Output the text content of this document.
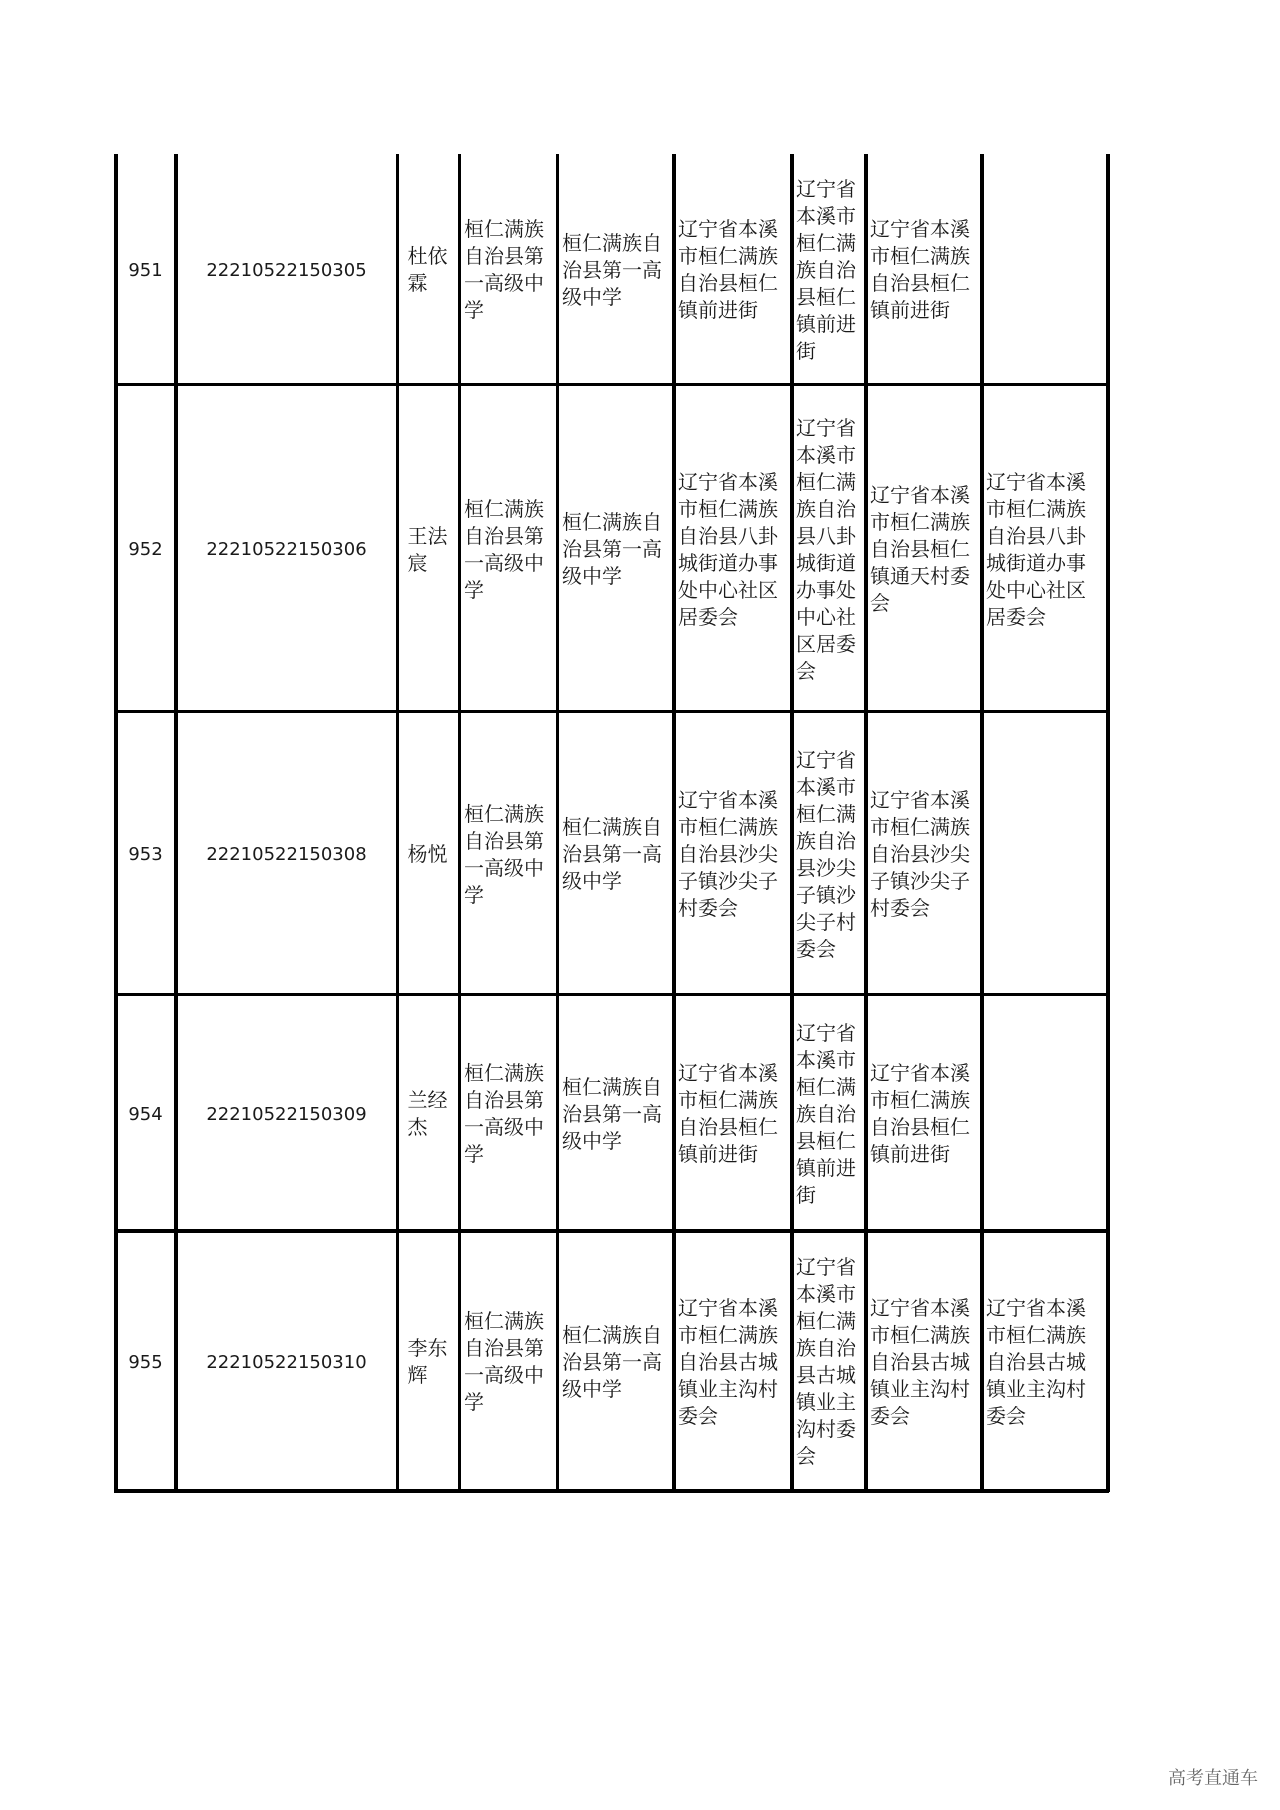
951 22210522150305
杜依霖
桓仁满族自治县第一高级中学
桓仁满族自治县第一高级中学
辽宁省本溪市桓仁满族自治县桓仁镇前进街
辽宁省本溪市桓仁满族自治县桓仁镇前进街
辽宁省本溪市桓仁满族自治县桓仁镇前进街
952 22210522150306
王法宸
桓仁满族自治县第一高级中学
桓仁满族自治县第一高级中学
辽宁省本溪市桓仁满族自治县八卦城街道办事处中心社区居委会
辽宁省本溪市桓仁满族自治县八卦城街道办事处中心社区居委会
辽宁省本溪市桓仁满族自治县桓仁镇通天村委会
辽宁省本溪市桓仁满族自治县八卦城街道办事处中心社区居委会
953 22210522150308 杨悦
桓仁满族自治县第一高级中学
桓仁满族自治县第一高级中学
辽宁省本溪市桓仁满族自治县沙尖子镇沙尖子村委会
辽宁省本溪市桓仁满族自治县沙尖子镇沙尖子村委会
辽宁省本溪市桓仁满族自治县沙尖子镇沙尖子村委会
954 22210522150309
兰经杰
桓仁满族自治县第一高级中学
桓仁满族自治县第一高级中学
辽宁省本溪市桓仁满族自治县桓仁镇前进街
辽宁省本溪市桓仁满族自治县桓仁镇前进街
辽宁省本溪市桓仁满族自治县桓仁镇前进街
955 22210522150310
李东辉
桓仁满族自治县第一高级中学
桓仁满族自治县第一高级中学
辽宁省本溪市桓仁满族自治县古城镇业主沟村委会
辽宁省本溪市桓仁满族自治县古城镇业主沟村委会
辽宁省本溪市桓仁满族自治县古城镇业主沟村委会
辽宁省本溪市桓仁满族自治县古城镇业主沟村委会
高考直通车
